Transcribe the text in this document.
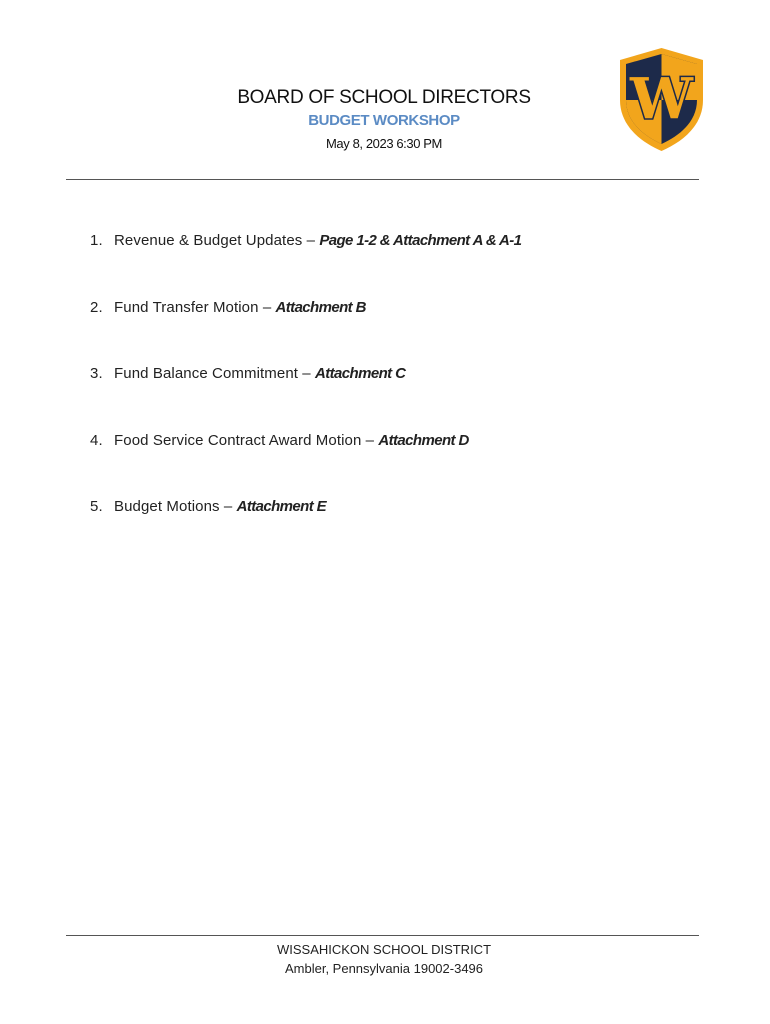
BOARD OF SCHOOL DIRECTORS
BUDGET WORKSHOP
May 8, 2023 6:30 PM
W
1. Revenue & Budget Updates – Page 1-2 & Attachment A & A-1
2. Fund Transfer Motion – Attachment B
3. Fund Balance Commitment – Attachment C
4. Food Service Contract Award Motion – Attachment D
5. Budget Motions – Attachment E
WISSAHICKON SCHOOL DISTRICT
Ambler, Pennsylvania 19002-3496
